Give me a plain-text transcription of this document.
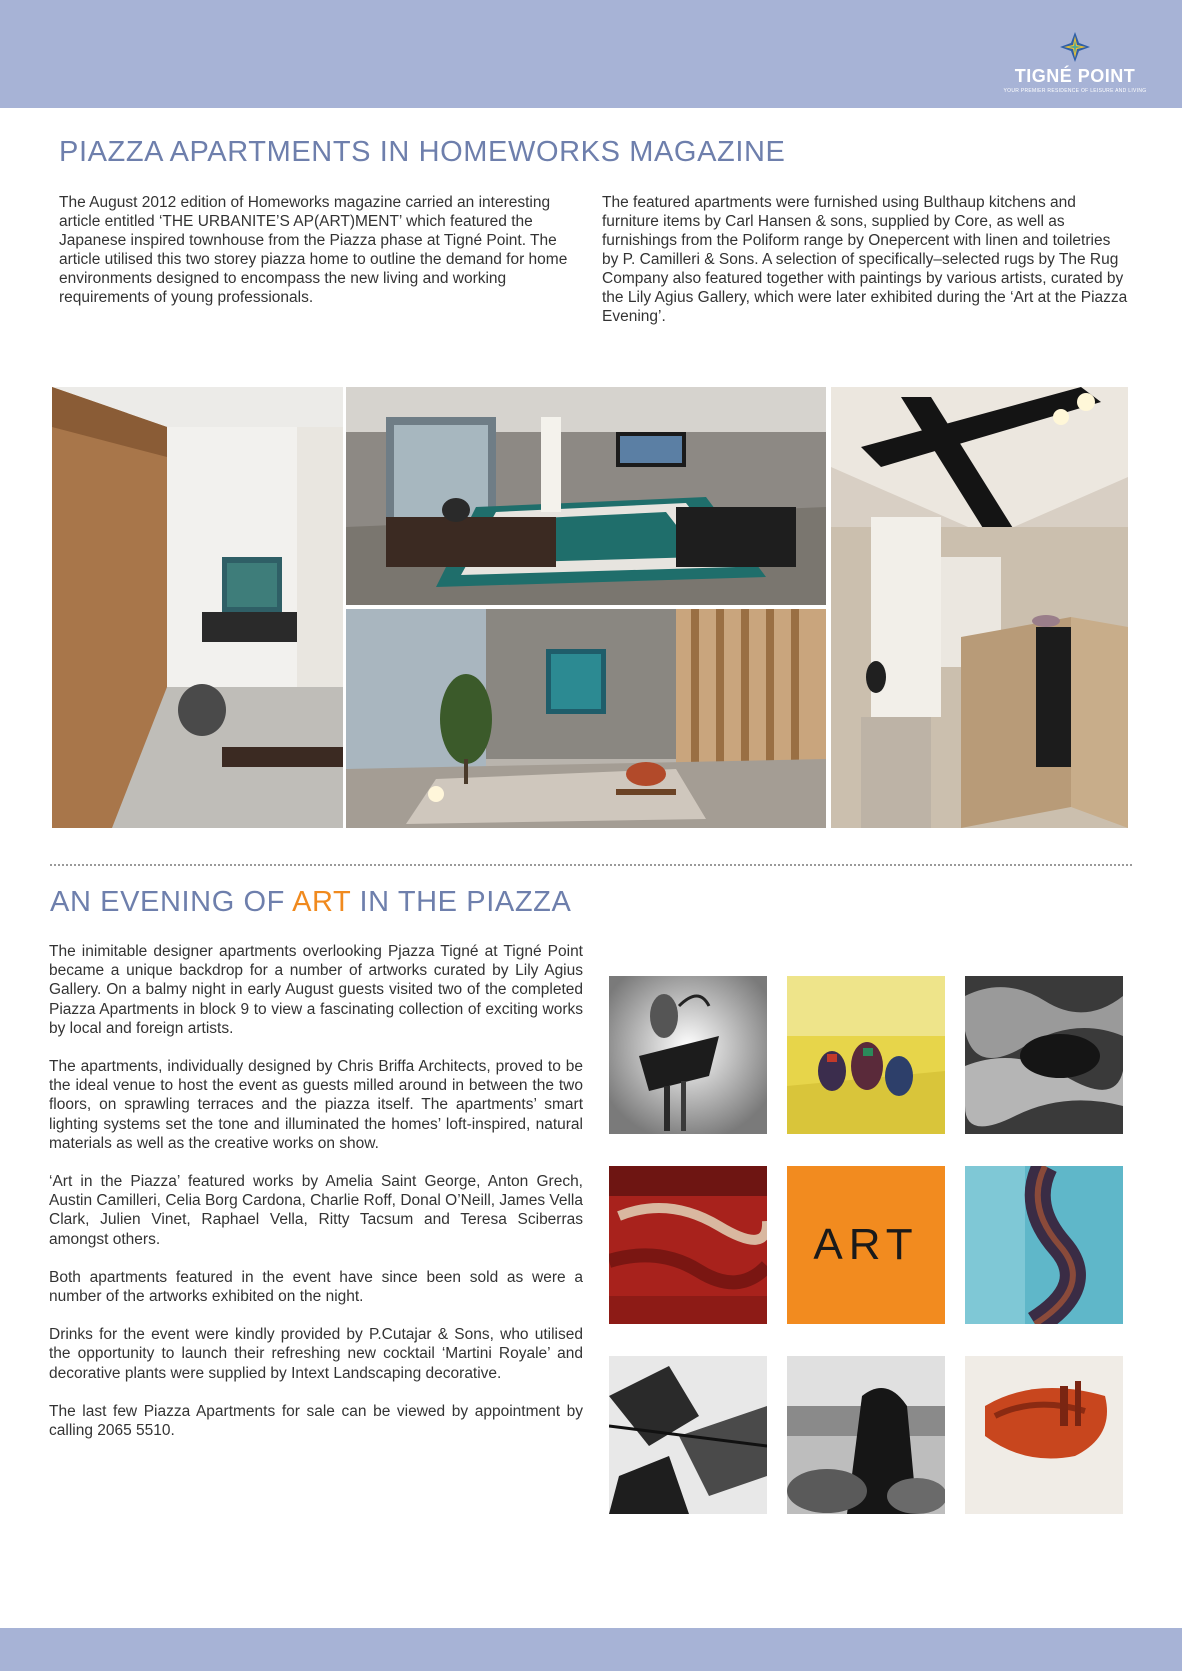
TIGNÉ POINT
YOUR PREMIER RESIDENCE OF LEISURE AND LIVING
PIAZZA APARTMENTS IN HOMEWORKS MAGAZINE
The August 2012 edition of Homeworks magazine carried an interesting article entitled ‘THE URBANITE’S AP(ART)MENT’ which featured the Japanese inspired townhouse from the Piazza phase at Tigné Point. The article utilised this two storey piazza home to outline the demand for home environments designed to encompass the new living and working requirements of young professionals.
The featured apartments were furnished using Bulthaup kitchens and furniture items by Carl Hansen & sons, supplied by Core, as well as furnishings from the Poliform range by Onepercent with linen and toiletries by P. Camilleri & Sons. A selection of specifically–selected rugs by The Rug Company also featured together with paintings by various artists, curated by the Lily Agius Gallery, which were later exhibited during the ‘Art at the Piazza Evening’.
AN EVENING OF ART IN THE PIAZZA

The inimitable designer apartments overlooking Pjazza Tigné at Tigné Point became a unique backdrop for a number of artworks curated by Lily Agius Gallery. On a balmy night in early August guests visited two of the completed Piazza Apartments in block 9 to view a fascinating collection of exciting works by local and foreign artists.

The apartments, individually designed by Chris Briffa Architects, proved to be the ideal venue to host the event as guests milled around in between the two floors, on sprawling terraces and the piazza itself. The apartments’ smart lighting systems set the tone and illuminated the homes’ loft-inspired, natural materials as well as the creative works on show.

‘Art in the Piazza’ featured works by Amelia Saint George, Anton Grech, Austin Camilleri, Celia Borg Cardona, Charlie Roff, Donal O’Neill, James Vella Clark, Julien Vinet, Raphael Vella, Ritty Tacsum and Teresa Sciberras amongst others.

Both apartments featured in the event have since been sold as were a number of the artworks exhibited on the night.

Drinks for the event were kindly provided by P.Cutajar & Sons, who utilised the opportunity to launch their refreshing new cocktail ‘Martini Royale’ and decorative plants were supplied by Intext Landscaping decorative.

The last few Piazza Apartments for sale can be viewed by appointment by calling 2065 5510.

ART
